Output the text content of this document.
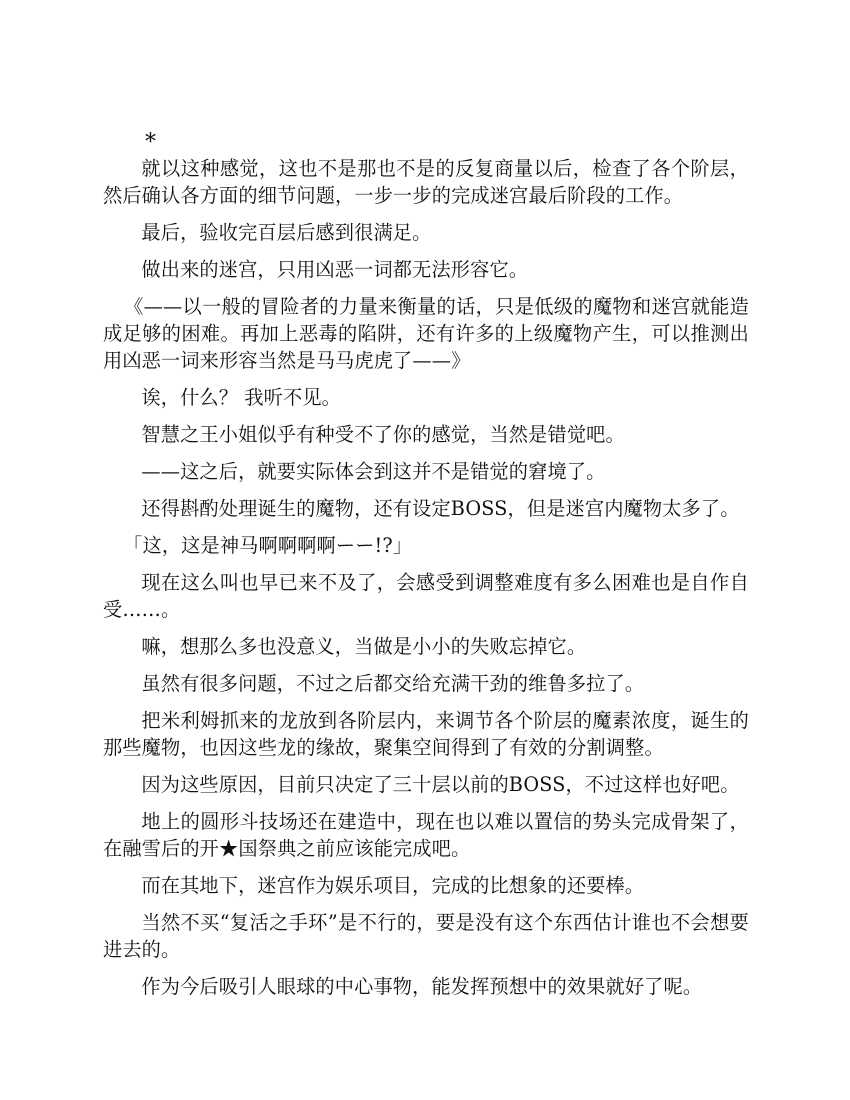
*

就以这种感觉，这也不是那也不是的反复商量以后，检查了各个阶层，然后确认各方面的细节问题，一步一步的完成迷宫最后阶段的工作。

最后，验收完百层后感到很满足。

做出来的迷宫，只用凶恶一词都无法形容它。

《——以一般的冒险者的力量来衡量的话，只是低级的魔物和迷宫就能造成足够的困难。再加上恶毒的陷阱，还有许多的上级魔物产生，可以推测出用凶恶一词来形容当然是马马虎虎了——》

诶，什么？ 我听不见。

智慧之王小姐似乎有种受不了你的感觉，当然是错觉吧。

——这之后，就要实际体会到这并不是错觉的窘境了。

还得斟酌处理诞生的魔物，还有设定BOSS，但是迷宫内魔物太多了。

「这，这是神马啊啊啊啊ーー!?」

现在这么叫也早已来不及了，会感受到调整难度有多么困难也是自作自受……。

嘛，想那么多也没意义，当做是小小的失败忘掉它。

虽然有很多问题，不过之后都交给充满干劲的维鲁多拉了。

把米利姆抓来的龙放到各阶层内，来调节各个阶层的魔素浓度，诞生的那些魔物，也因这些龙的缘故，聚集空间得到了有效的分割调整。

因为这些原因，目前只决定了三十层以前的BOSS，不过这样也好吧。

地上的圆形斗技场还在建造中，现在也以难以置信的势头完成骨架了，在融雪后的开★国祭典之前应该能完成吧。

而在其地下，迷宫作为娱乐项目，完成的比想象的还要棒。

当然不买“复活之手环”是不行的，要是没有这个东西估计谁也不会想要进去的。

作为今后吸引人眼球的中心事物，能发挥预想中的效果就好了呢。
